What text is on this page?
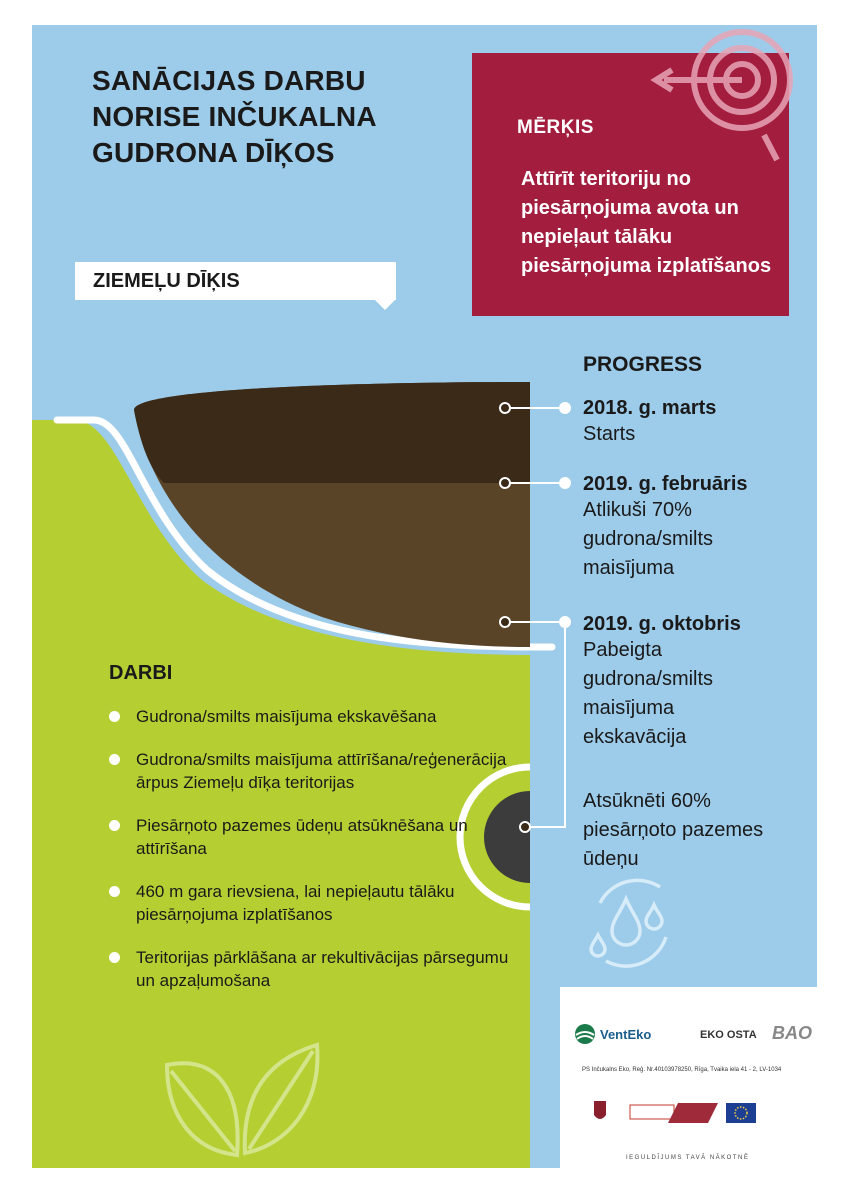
SANĀCIJAS DARBU
NORISE INČUKALNA
GUDRONA DĪĶOS
MĒRĶIS
Attīrīt teritoriju no piesārņojuma avota un nepieļaut tālāku piesārņojuma izplatīšanos
ZIEMEĻU DĪĶIS
PROGRESS
2018. g. marts
Starts
2019. g. februāris
Atlikuši 70% gudrona/smilts maisījuma
2019. g. oktobris
Pabeigta gudrona/smilts maisījuma ekskavācija
Atsūknēti 60% piesārņoto pazemes ūdeņu
DARBI
Gudrona/smilts maisījuma ekskavēšana
Gudrona/smilts maisījuma attīrīšana/reģenerācija ārpus Ziemeļu dīķa teritorijas
Piesārņoto pazemes ūdeņu atsūknēšana un attīrīšana
460 m gara rievsiena, lai nepieļautu tālāku piesārņojuma izplatīšanos
Teritorijas pārklāšana ar rekultivācijas pārsegumu un apzaļumošana
VentEko	EKO OSTA BAO
PS Inčukalns Eko, Reģ. Nr.40103978250, Rīga, Tvaika iela 41 - 2, LV-1034
IEGULDĪJUMS TAVĀ NĀKOTNĒ
